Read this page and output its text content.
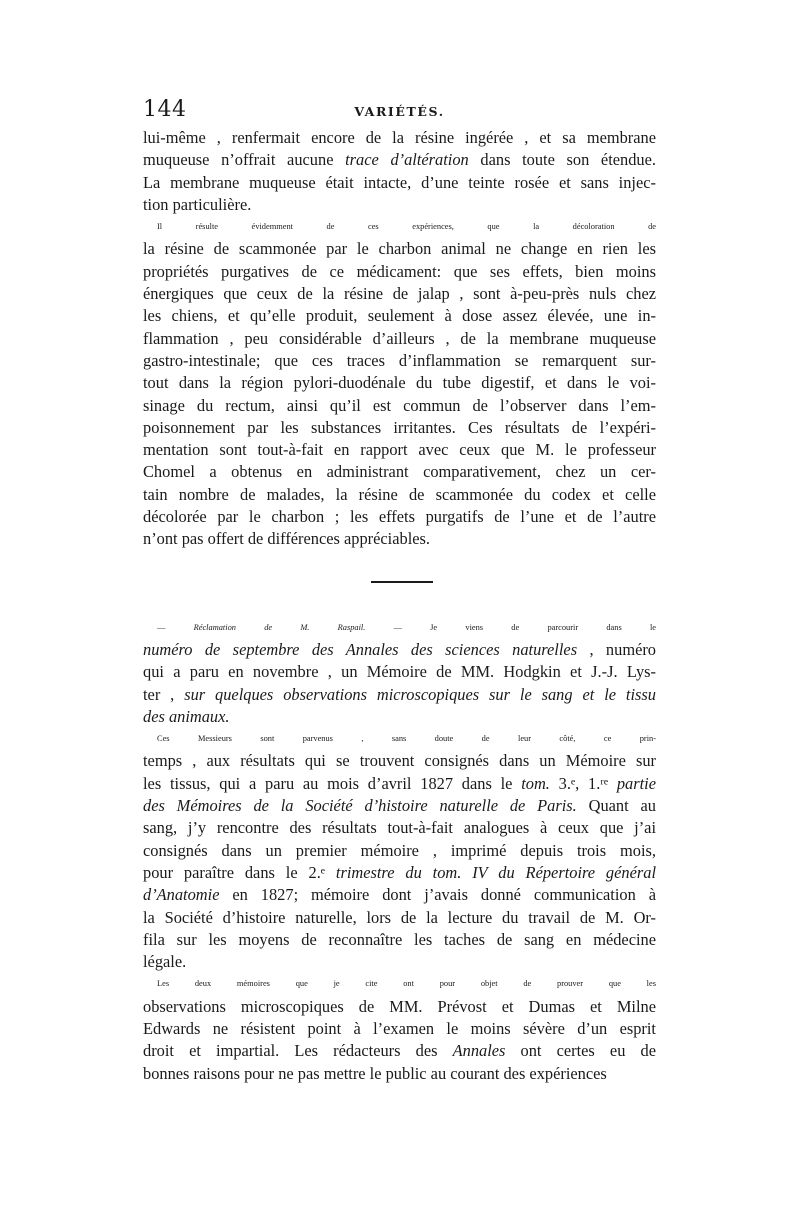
144	VARIÉTÉS.
lui-même , renfermait encore de la résine ingérée , et sa membrane
muqueuse n’offrait aucune trace d’altération dans toute son étendue.
La membrane muqueuse était intacte, d’une teinte rosée et sans injec-
tion particulière.
Il résulte évidemment de ces expériences, que la décoloration de
la résine de scammonée par le charbon animal ne change en rien les
propriétés purgatives de ce médicament: que ses effets, bien moins
énergiques que ceux de la résine de jalap , sont à-peu-près nuls chez
les chiens, et qu’elle produit, seulement à dose assez élevée, une in-
flammation , peu considérable d’ailleurs , de la membrane muqueuse
gastro-intestinale; que ces traces d’inflammation se remarquent sur-
tout dans la région pylori-duodénale du tube digestif, et dans le voi-
sinage du rectum, ainsi qu’il est commun de l’observer dans l’em-
poisonnement par les substances irritantes. Ces résultats de l’expéri-
mentation sont tout-à-fait en rapport avec ceux que M. le professeur
Chomel a obtenus en administrant comparativement, chez un cer-
tain nombre de malades, la résine de scammonée du codex et celle
décolorée par le charbon ; les effets purgatifs de l’une et de l’autre
n’ont pas offert de différences appréciables.
— Réclamation de M. Raspail. — Je viens de parcourir dans le
numéro de septembre des Annales des sciences naturelles , numéro
qui a paru en novembre , un Mémoire de MM. Hodgkin et J.-J. Lys-
ter , sur quelques observations microscopiques sur le sang et le tissu
des animaux.
Ces Messieurs sont parvenus , sans doute de leur côté, ce prin-
temps , aux résultats qui se trouvent consignés dans un Mémoire sur
les tissus, qui a paru au mois d’avril 1827 dans le tom. 3.ᵉ, 1.ʳᵉ partie
des Mémoires de la Société d’histoire naturelle de Paris. Quant au
sang, j’y rencontre des résultats tout-à-fait analogues à ceux que j’ai
consignés dans un premier mémoire , imprimé depuis trois mois,
pour paraître dans le 2.ᵉ trimestre du tom. IV du Répertoire général
d’Anatomie en 1827; mémoire dont j’avais donné communication à
la Société d’histoire naturelle, lors de la lecture du travail de M. Or-
fila sur les moyens de reconnaître les taches de sang en médecine
légale.
Les deux mémoires que je cite ont pour objet de prouver que les
observations microscopiques de MM. Prévost et Dumas et Milne
Edwards ne résistent point à l’examen le moins sévère d’un esprit
droit et impartial. Les rédacteurs des Annales ont certes eu de
bonnes raisons pour ne pas mettre le public au courant des expériences
